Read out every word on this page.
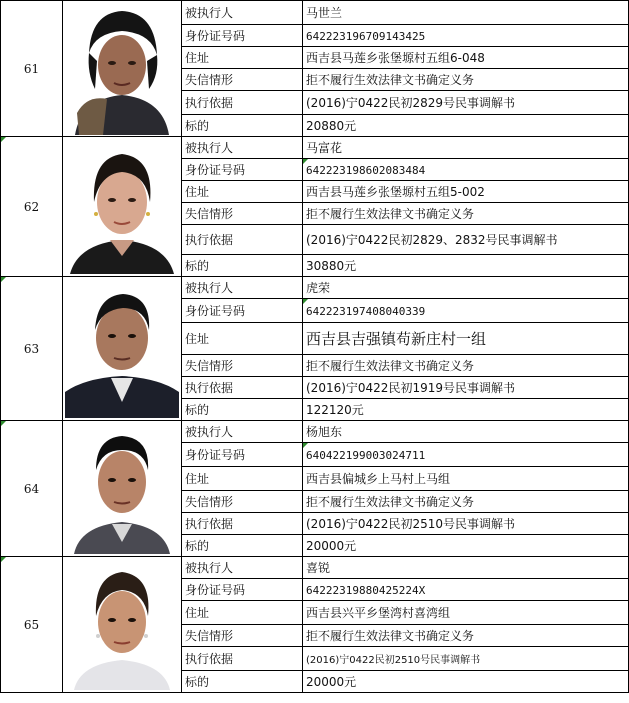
61		被执行人	马世兰
		身份证号码	642223196709143425
		住址	西吉县马莲乡张堡塬村五组6-048
		失信情形	拒不履行生效法律文书确定义务
		执行依据	(2016)宁0422民初2829号民事调解书
		标的	20880元

62		被执行人	马富花
		身份证号码	642223198602083484
		住址	西吉县马莲乡张堡塬村五组5-002
		失信情形	拒不履行生效法律文书确定义务
		执行依据	(2016)宁0422民初2829、2832号民事调解书
		标的	30880元

63		被执行人	虎荣
		身份证号码	642223197408040339
		住址	西吉县吉强镇苟新庄村一组
		失信情形	拒不履行生效法律文书确定义务
		执行依据	(2016)宁0422民初1919号民事调解书
		标的	122120元

64		被执行人	杨旭东
		身份证号码	640422199003024711
		住址	西吉县偏城乡上马村上马组
		失信情形	拒不履行生效法律文书确定义务
		执行依据	(2016)宁0422民初2510号民事调解书
		标的	20000元

65		被执行人	喜锐
		身份证号码	64222319880425224X
		住址	西吉县兴平乡堡湾村喜湾组
		失信情形	拒不履行生效法律文书确定义务
		执行依据	(2016)宁0422民初2510号民事调解书
		标的	20000元
